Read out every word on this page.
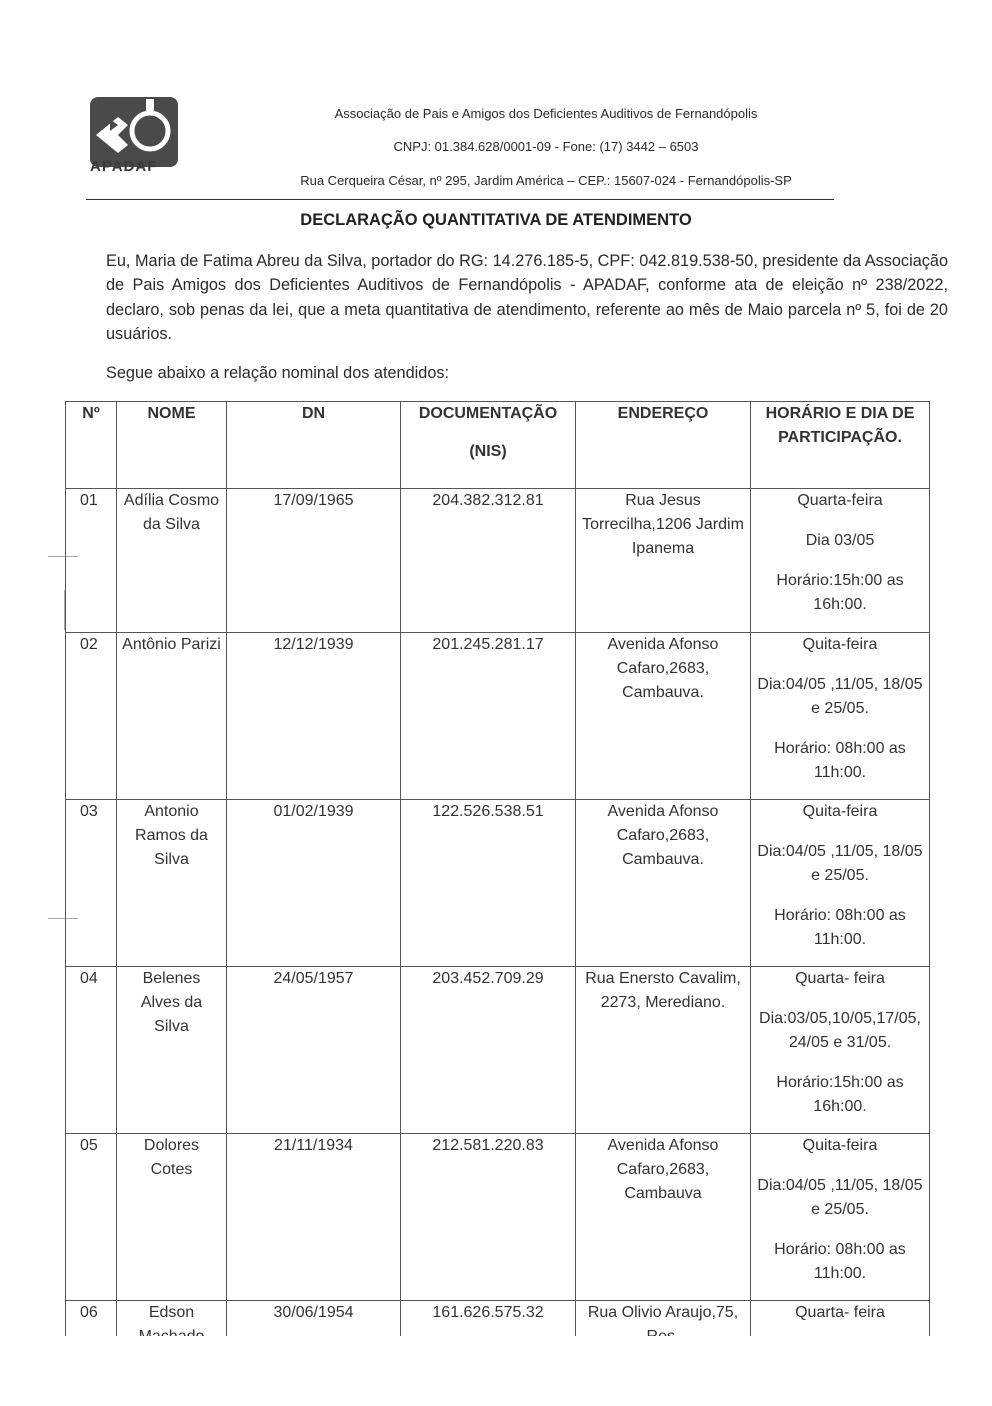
APADAF
Associação de Pais e Amigos dos Deficientes Auditivos de Fernandópolis
CNPJ: 01.384.628/0001-09 - Fone: (17) 3442 – 6503
Rua Cerqueira César, nº 295, Jardim América – CEP.: 15607-024 - Fernandópolis-SP
DECLARAÇÃO QUANTITATIVA DE ATENDIMENTO
Eu, Maria de Fatima Abreu da Silva, portador do RG: 14.276.185-5, CPF: 042.819.538-50, presidente da Associação de Pais Amigos dos Deficientes Auditivos de Fernandópolis - APADAF, conforme ata de eleição nº 238/2022, declaro, sob penas da lei, que a meta quantitativa de atendimento, referente ao mês de Maio parcela nº 5, foi de 20 usuários.
Segue abaixo a relação nominal dos atendidos:
Nº	NOME	DN	DOCUMENTAÇÃO
(NIS)	ENDEREÇO	HORÁRIO E DIA DE PARTICIPAÇÃO.
01	Adília Cosmo da Silva	17/09/1965	204.382.312.81	Rua Jesus Torrecilha,1206 Jardim Ipanema	Quarta-feira
Dia 03/05
Horário:15h:00 as 16h:00.

02	Antônio Parizi	12/12/1939	201.245.281.17	Avenida Afonso Cafaro,2683, Cambauva.	Quita-feira
Dia:04/05 ,11/05, 18/05 e 25/05.
Horário: 08h:00 as 11h:00.

03	Antonio Ramos da Silva	01/02/1939	122.526.538.51	Avenida Afonso Cafaro,2683, Cambauva.	Quita-feira
Dia:04/05 ,11/05, 18/05 e 25/05.
Horário: 08h:00 as 11h:00.

04	Belenes Alves da Silva	24/05/1957	203.452.709.29	Rua Enersto Cavalim, 2273, Merediano.	Quarta- feira
Dia:03/05,10/05,17/05,24/05 e 31/05.
Horário:15h:00 as 16h:00.

05	Dolores Cotes	21/11/1934	212.581.220.83	Avenida Afonso Cafaro,2683, Cambauva	Quita-feira
Dia:04/05 ,11/05, 18/05 e 25/05.
Horário: 08h:00 as 11h:00.

06	Edson	30/06/1954	161.626.575.32	Rua Olivio Araujo,75,	Quarta- feira
